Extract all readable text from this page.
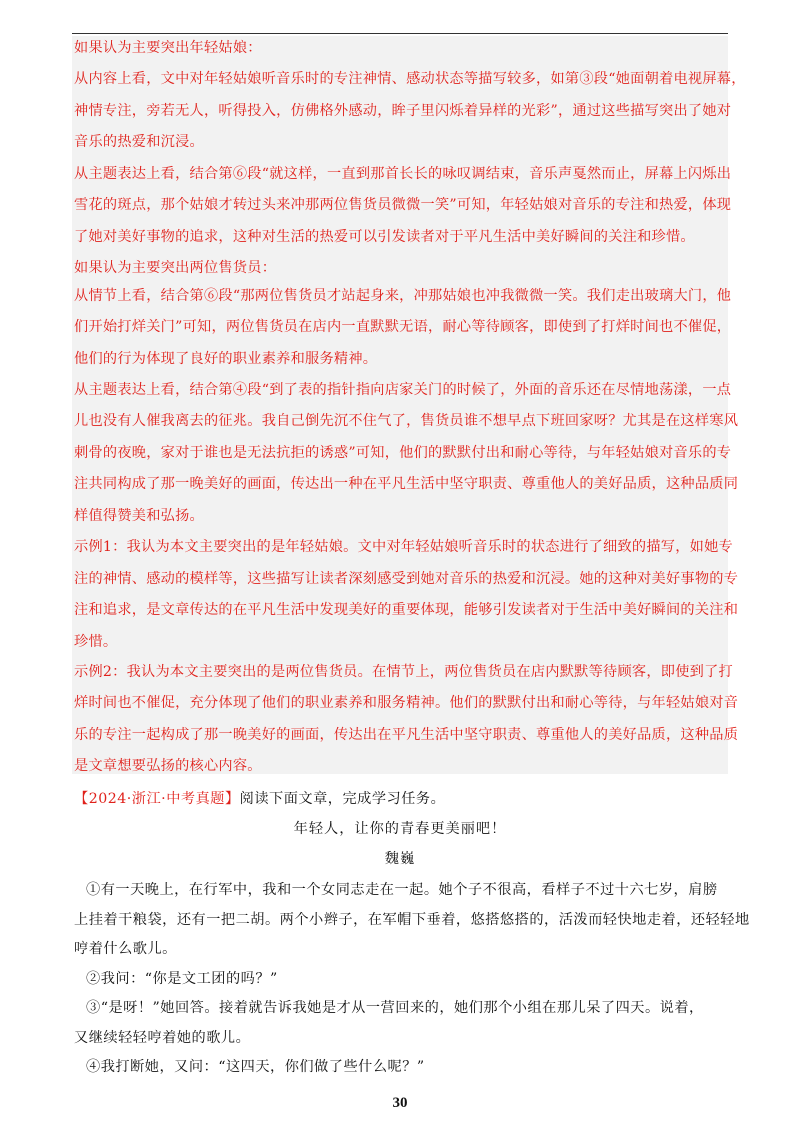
如果认为主要突出年轻姑娘：
从内容上看，文中对年轻姑娘听音乐时的专注神情、感动状态等描写较多，如第③段“她面朝着电视屏幕，
神情专注，旁若无人，听得投入，仿佛格外感动，眸子里闪烁着异样的光彩”，通过这些描写突出了她对
音乐的热爱和沉浸。
从主题表达上看，结合第⑥段“就这样，一直到那首长长的咏叹调结束，音乐声戛然而止，屏幕上闪烁出
雪花的斑点，那个姑娘才转过头来冲那两位售货员微微一笑”可知，年轻姑娘对音乐的专注和热爱，体现
了她对美好事物的追求，这种对生活的热爱可以引发读者对于平凡生活中美好瞬间的关注和珍惜。
如果认为主要突出两位售货员：
从情节上看，结合第⑥段“那两位售货员才站起身来，冲那姑娘也冲我微微一笑。我们走出玻璃大门，他
们开始打烊关门”可知，两位售货员在店内一直默默无语，耐心等待顾客，即使到了打烊时间也不催促，
他们的行为体现了良好的职业素养和服务精神。
从主题表达上看，结合第④段“到了表的指针指向店家关门的时候了，外面的音乐还在尽情地荡漾，一点
儿也没有人催我离去的征兆。我自己倒先沉不住气了，售货员谁不想早点下班回家呀？尤其是在这样寒风
刺骨的夜晚，家对于谁也是无法抗拒的诱惑”可知，他们的默默付出和耐心等待，与年轻姑娘对音乐的专
注共同构成了那一晚美好的画面，传达出一种在平凡生活中坚守职责、尊重他人的美好品质，这种品质同
样值得赞美和弘扬。
示例1：我认为本文主要突出的是年轻姑娘。文中对年轻姑娘听音乐时的状态进行了细致的描写，如她专
注的神情、感动的模样等，这些描写让读者深刻感受到她对音乐的热爱和沉浸。她的这种对美好事物的专
注和追求，是文章传达的在平凡生活中发现美好的重要体现，能够引发读者对于生活中美好瞬间的关注和
珍惜。
示例2：我认为本文主要突出的是两位售货员。在情节上，两位售货员在店内默默等待顾客，即使到了打
烊时间也不催促，充分体现了他们的职业素养和服务精神。他们的默默付出和耐心等待，与年轻姑娘对音
乐的专注一起构成了那一晚美好的画面，传达出在平凡生活中坚守职责、尊重他人的美好品质，这种品质
是文章想要弘扬的核心内容。
【2024·浙江·中考真题】阅读下面文章，完成学习任务。
年轻人，让你的青春更美丽吧！
魏巍
①有一天晚上，在行军中，我和一个女同志走在一起。她个子不很高，看样子不过十六七岁，肩膀
上挂着干粮袋，还有一把二胡。两个小辫子，在军帽下垂着，悠搭悠搭的，活泼而轻快地走着，还轻轻地
哼着什么歌儿。
②我问：“你是文工团的吗？”
③“是呀！”她回答。接着就告诉我她是才从一营回来的，她们那个小组在那儿呆了四天。说着，
又继续轻轻哼着她的歌儿。
④我打断她，又问：“这四天，你们做了些什么呢？”
30
